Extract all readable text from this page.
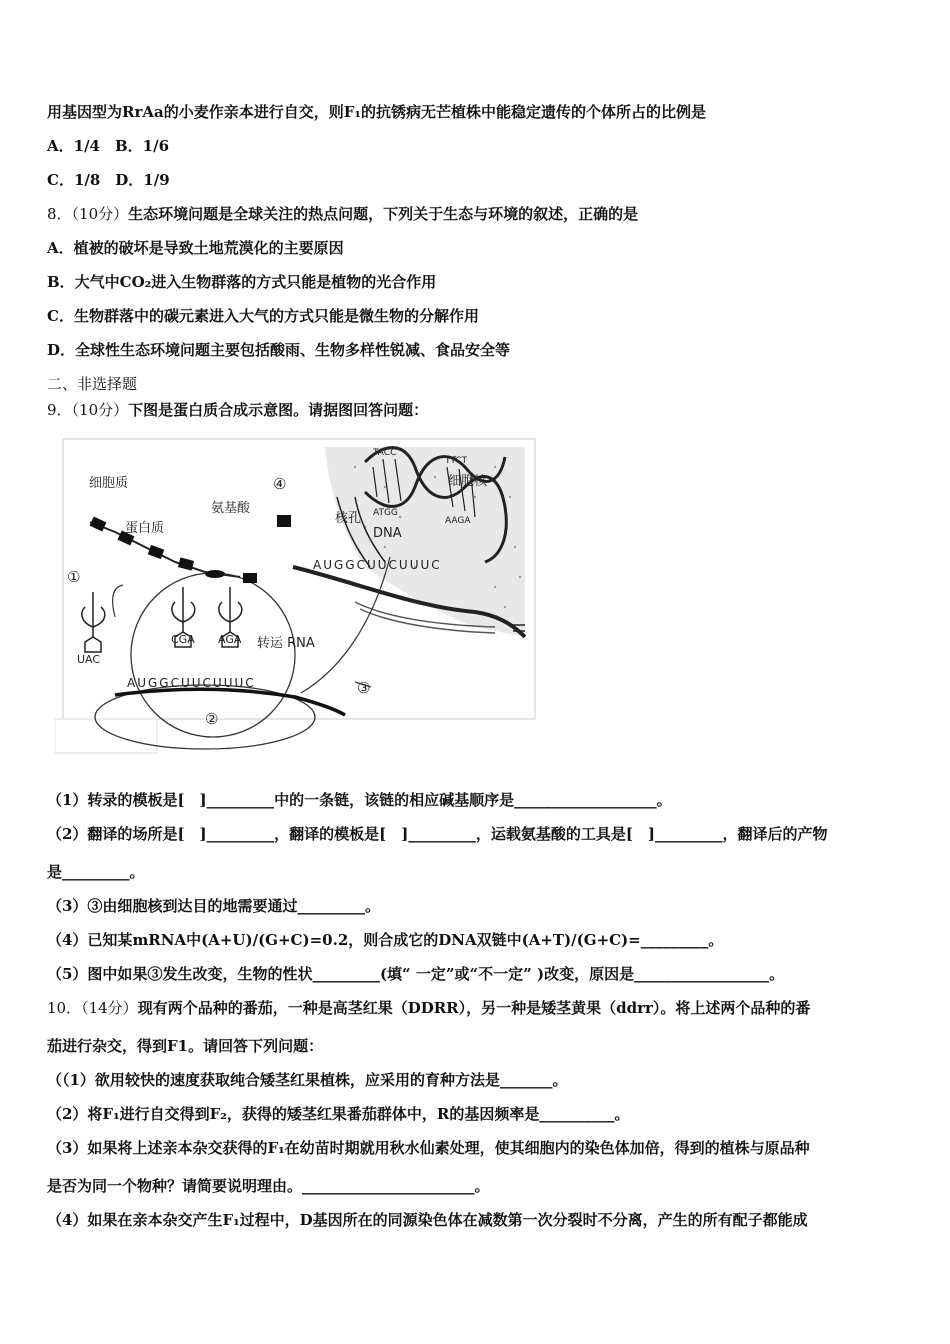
用基因型为RrAa的小麦作亲本进行自交，则F₁的抗锈病无芒植株中能稳定遗传的个体所占的比例是
A．1/4　B．1/6
C．1/8　D．1/9
8．（10分）生态环境问题是全球关注的热点问题，下列关于生态与环境的叙述，正确的是
A．植被的破坏是导致土地荒漠化的主要原因
B．大气中CO₂进入生物群落的方式只能是植物的光合作用
C．生物群落中的碳元素进入大气的方式只能是微生物的分解作用
D．全球性生态环境问题主要包括酸雨、生物多样性锐减、食品安全等
二、非选择题
9．（10分）下图是蛋白质合成示意图。请据图回答问题：
TACC
ATGG
TTCT
AAGA
AUGGCUUCUUUC
AUGGCUUCUUUC
UAC
CGA AGA
细胞质
蛋白质
氨基酸
细胞核
核孔
DNA
转运 RNA
①
②
③
④
（1）转录的模板是[　]_________中的一条链，该链的相应碱基顺序是___________________。
（2）翻译的场所是[　]_________，翻译的模板是[　]_________，运载氨基酸的工具是[　]_________，翻译后的产物
是_________。
（3）③由细胞核到达目的地需要通过_________。
（4）已知某mRNA中(A+U)/(G+C)=0.2，则合成它的DNA双链中(A+T)/(G+C)=_________。
（5）图中如果③发生改变，生物的性状_________(填“ 一定”或“不一定” )改变，原因是__________________。
10．（14分）现有两个品种的番茄，一种是高茎红果（DDRR），另一种是矮茎黄果（ddrr）。将上述两个品种的番
茄进行杂交，得到F1。请回答下列问题：
（（1）欲用较快的速度获取纯合矮茎红果植株，应采用的育种方法是_______。
（2）将F₁进行自交得到F₂，获得的矮茎红果番茄群体中，R的基因频率是__________。
（3）如果将上述亲本杂交获得的F₁在幼苗时期就用秋水仙素处理，使其细胞内的染色体加倍，得到的植株与原品种
是否为同一个物种？请简要说明理由。_______________________。
（4）如果在亲本杂交产生F₁过程中，D基因所在的同源染色体在减数第一次分裂时不分离，产生的所有配子都能成
